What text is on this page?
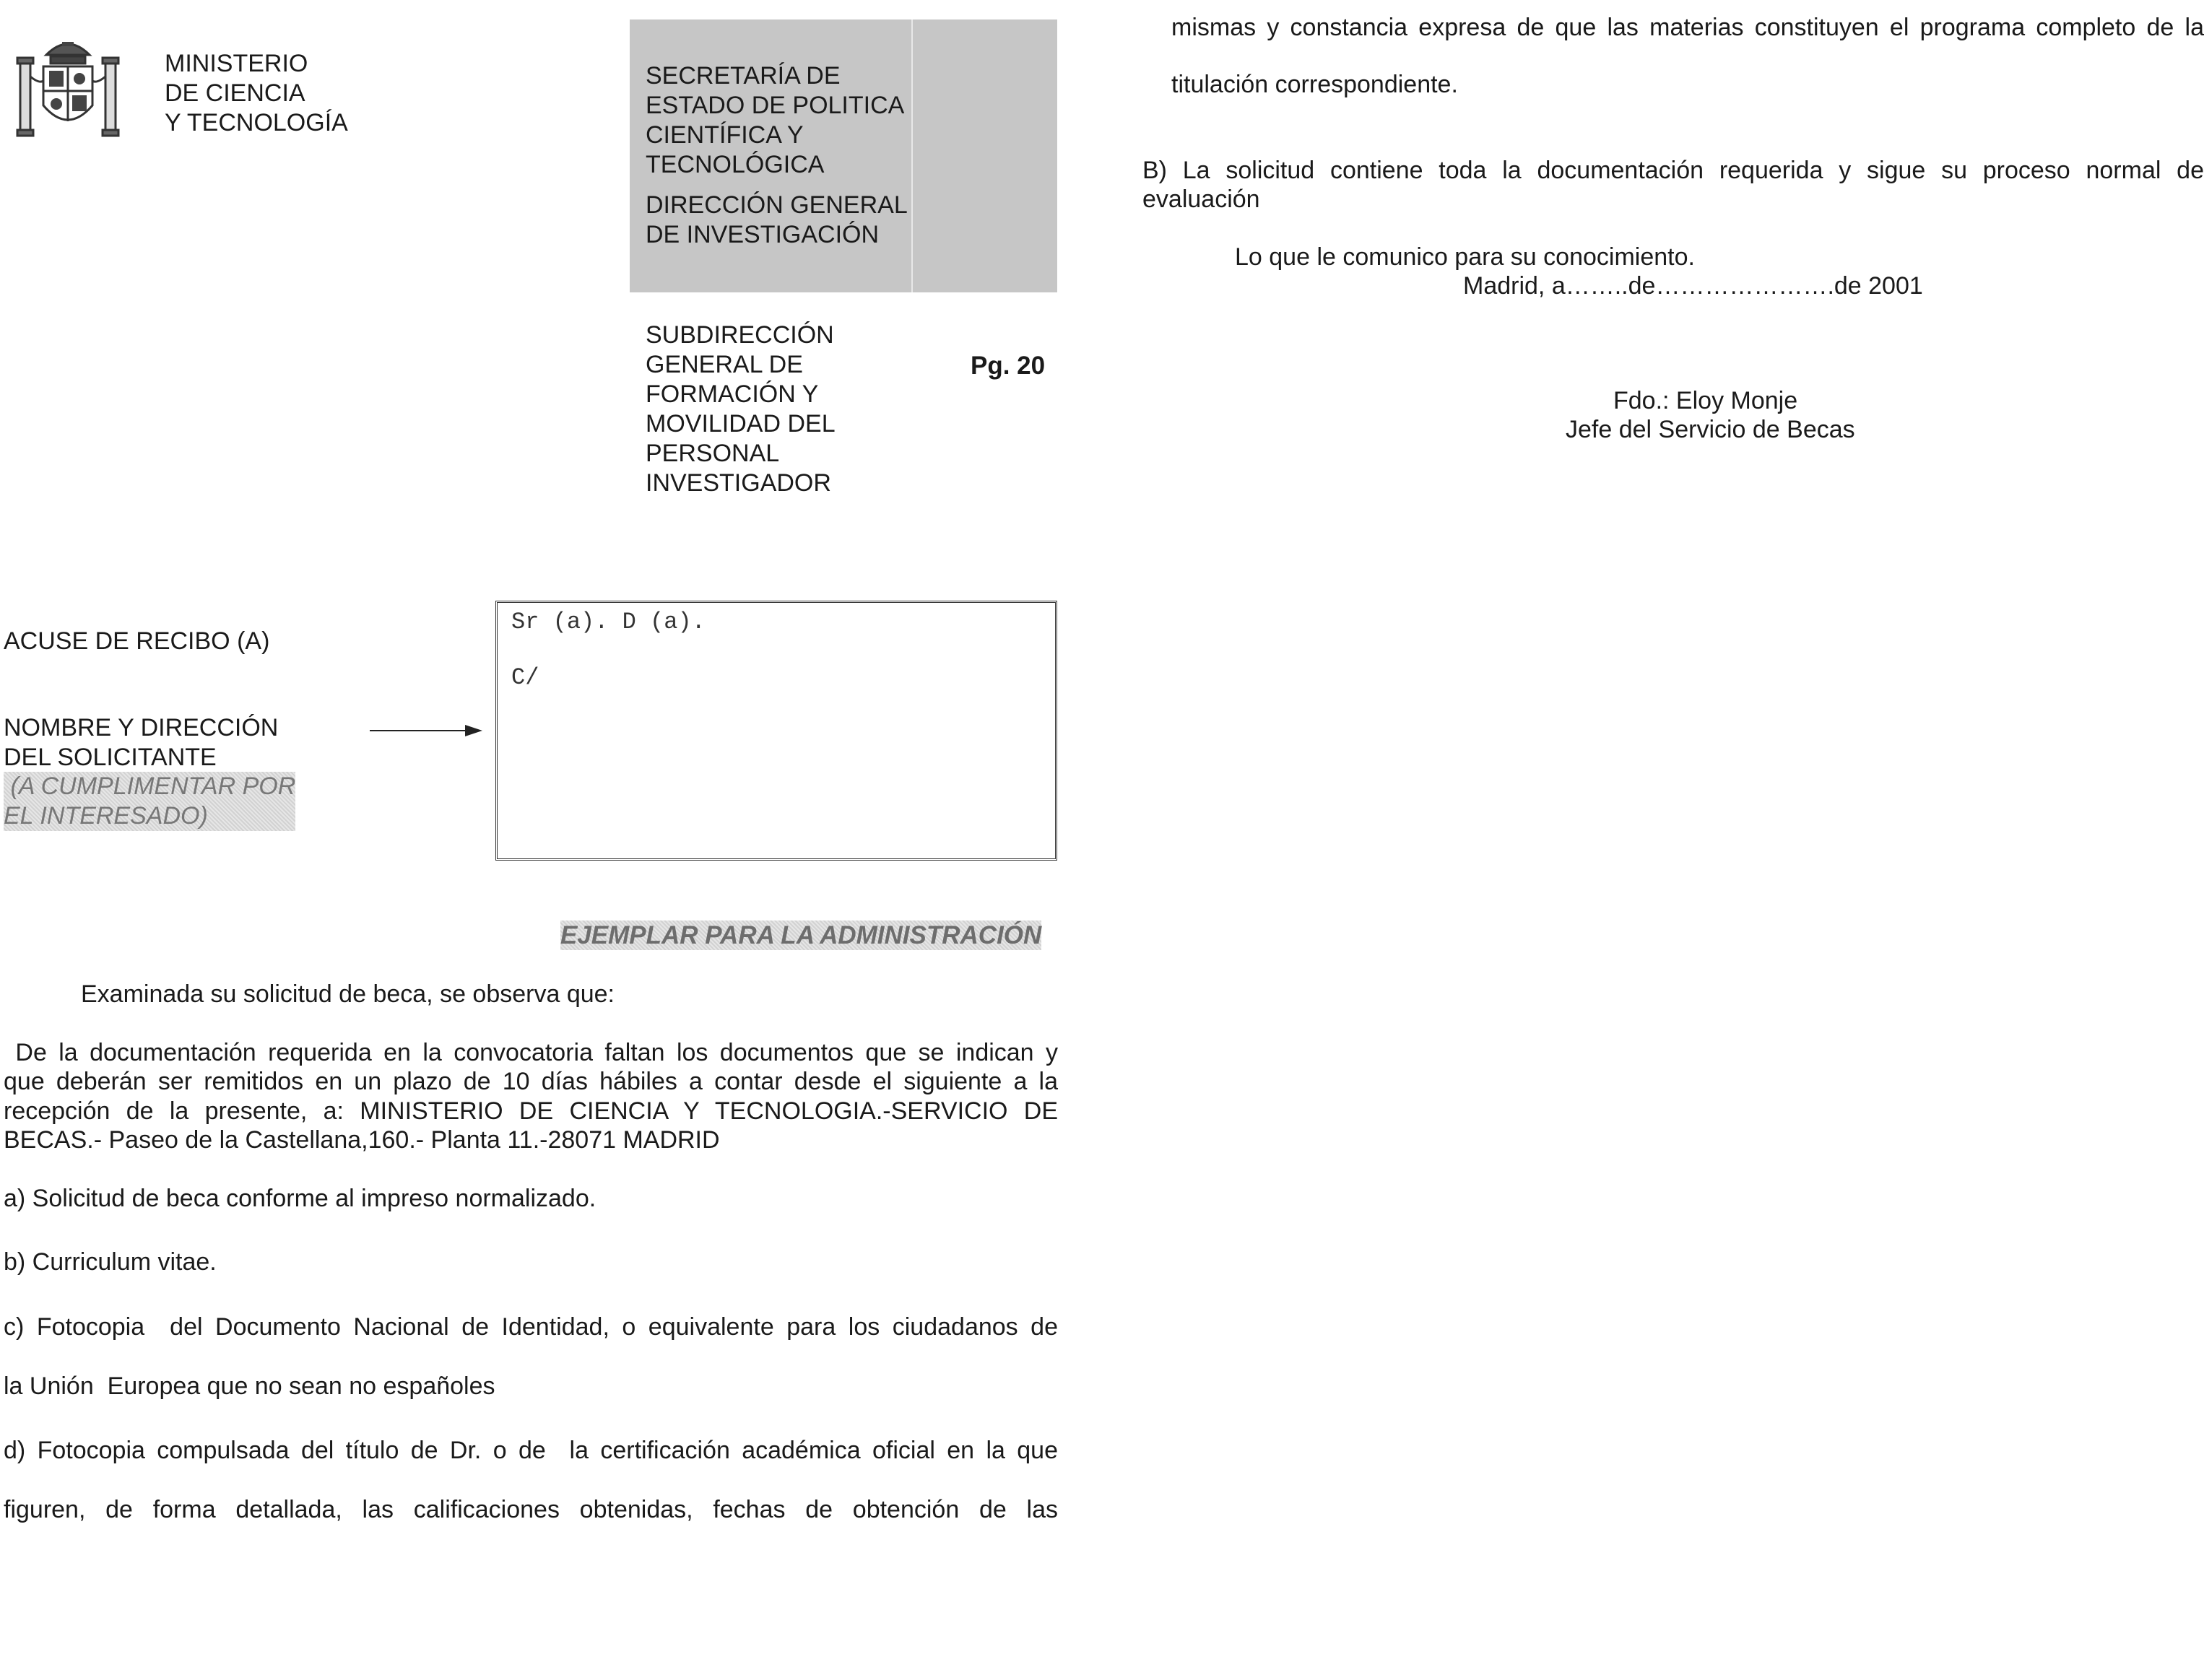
MINISTERIO
DE CIENCIA
Y TECNOLOGÍA
SECRETARÍA DE
ESTADO DE POLITICA
CIENTÍFICA Y
TECNOLÓGICA
DIRECCIÓN GENERAL
DE INVESTIGACIÓN
SUBDIRECCIÓN
GENERAL DE
FORMACIÓN Y
MOVILIDAD DEL
PERSONAL
INVESTIGADOR
Pg. 20
ACUSE DE RECIBO (A)
NOMBRE Y DIRECCIÓN
DEL SOLICITANTE
(A CUMPLIMENTAR POR
EL INTERESADO)
Sr (a). D (a).
C/
EJEMPLAR PARA LA ADMINISTRACIÓN
Examinada su solicitud de beca, se observa que:
De la documentación requerida en la convocatoria faltan los documentos que se indican y
que deberán ser remitidos en un plazo de 10 días hábiles a contar desde el siguiente a la
recepción de la presente, a: MINISTERIO DE CIENCIA Y TECNOLOGIA.-SERVICIO DE
BECAS.- Paseo de la Castellana,160.- Planta 11.-28071 MADRID
a) Solicitud de beca conforme al impreso normalizado.
b) Curriculum vitae.
c) Fotocopia  del Documento Nacional de Identidad, o equivalente para los ciudadanos de
la Unión  Europea que no sean no españoles
d) Fotocopia compulsada del título de Dr. o de  la certificación académica oficial en la que
figuren, de forma detallada, las calificaciones obtenidas, fechas de obtención de las
mismas y constancia expresa de que las materias constituyen el programa completo de la
titulación correspondiente.
B) La solicitud contiene toda la documentación requerida y sigue su proceso normal de
evaluación
Lo que le comunico para su conocimiento.
Madrid, a……..de………………….de 2001
Fdo.: Eloy Monje
Jefe del Servicio de Becas
